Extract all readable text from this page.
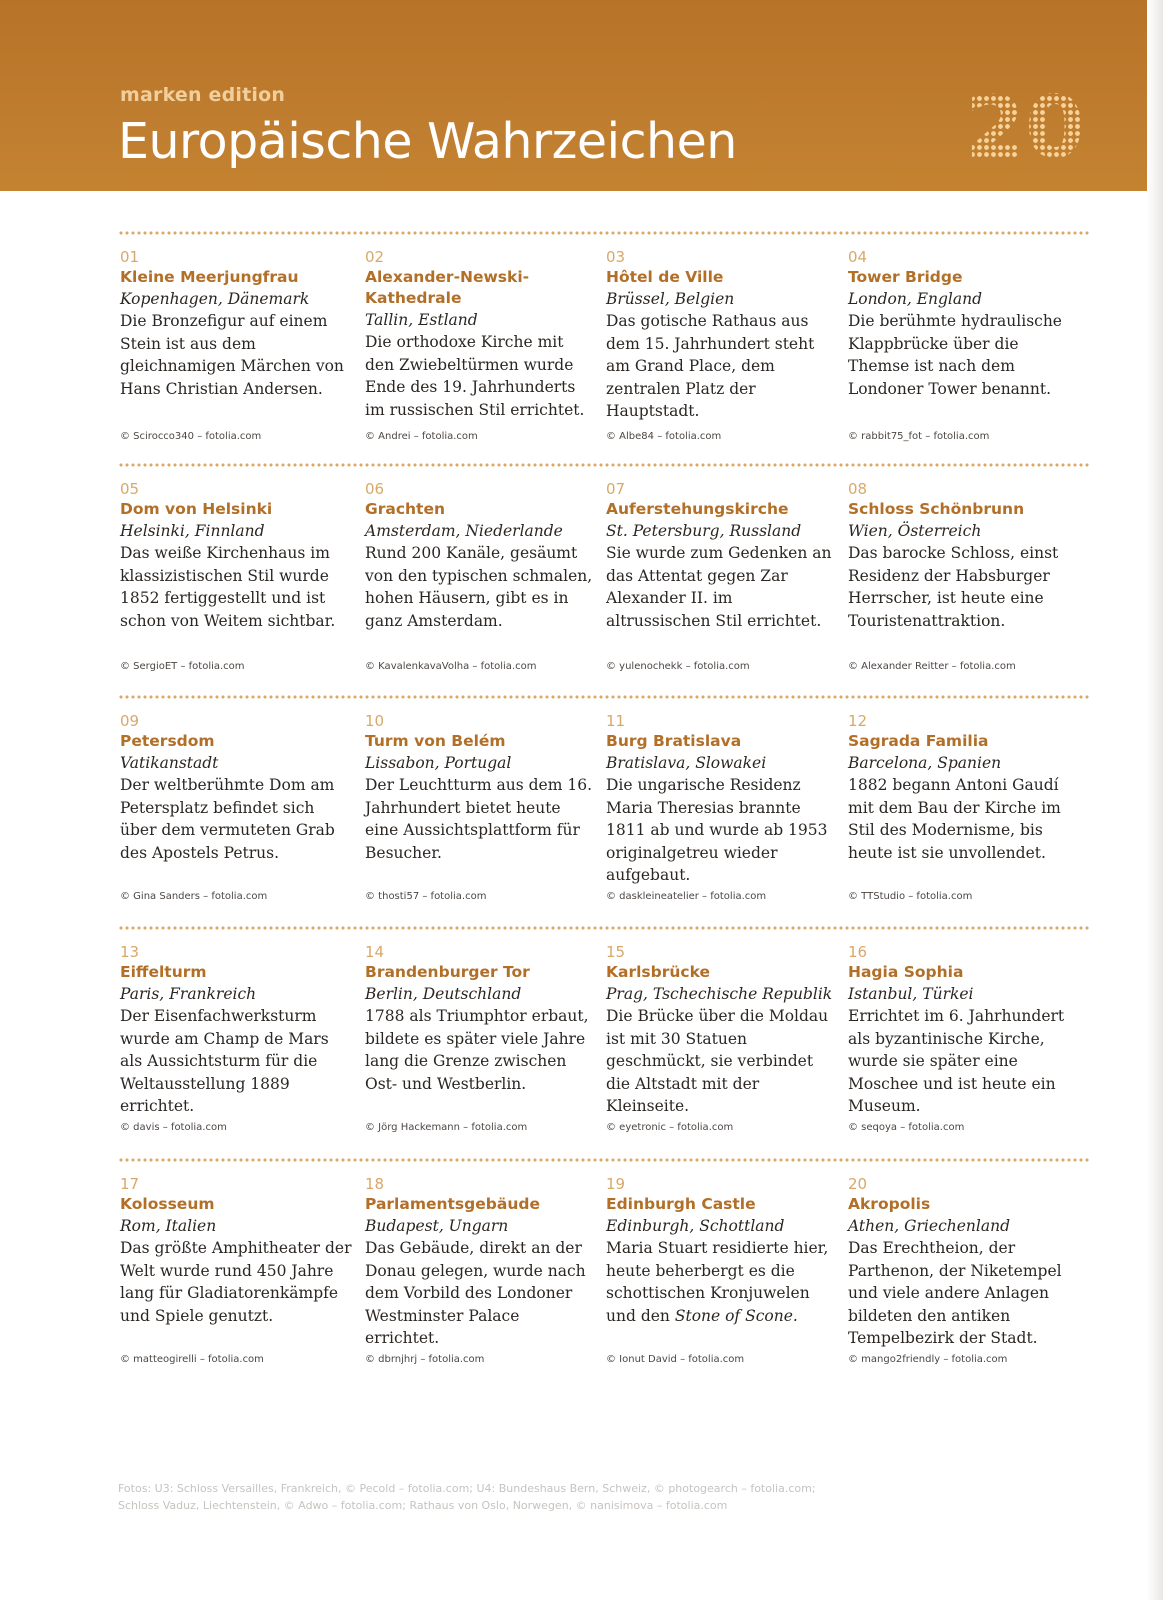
marken edition
Europäische Wahrzeichen	20
01
Kleine Meerjungfrau
Kopenhagen, Dänemark
Die Bronzefigur auf einem Stein ist aus dem gleichnamigen Märchen von Hans Christian Andersen.
© Scirocco340 – fotolia.com
02
Alexander-Newski-Kathedrale
Tallin, Estland
Die orthodoxe Kirche mit den Zwiebeltürmen wurde Ende des 19. Jahrhunderts im russischen Stil errichtet.
© Andrei – fotolia.com
03
Hôtel de Ville
Brüssel, Belgien
Das gotische Rathaus aus dem 15. Jahrhundert steht am Grand Place, dem zentralen Platz der Hauptstadt.
© Albe84 – fotolia.com
04
Tower Bridge
London, England
Die berühmte hydraulische Klappbrücke über die Themse ist nach dem Londoner Tower benannt.
© rabbit75_fot – fotolia.com
05
Dom von Helsinki
Helsinki, Finnland
Das weiße Kirchenhaus im klassizistischen Stil wurde 1852 fertiggestellt und ist schon von Weitem sichtbar.
© SergioET – fotolia.com
06
Grachten
Amsterdam, Niederlande
Rund 200 Kanäle, gesäumt von den typischen schmalen, hohen Häusern, gibt es in ganz Amsterdam.
© KavalenkavaVolha – fotolia.com
07
Auferstehungskirche
St. Petersburg, Russland
Sie wurde zum Gedenken an das Attentat gegen Zar Alexander II. im altrussischen Stil errichtet.
© yulenochekk – fotolia.com
08
Schloss Schönbrunn
Wien, Österreich
Das barocke Schloss, einst Residenz der Habsburger Herrscher, ist heute eine Touristenattraktion.
© Alexander Reitter – fotolia.com
09
Petersdom
Vatikanstadt
Der weltberühmte Dom am Petersplatz befindet sich über dem vermuteten Grab des Apostels Petrus.
© Gina Sanders – fotolia.com
10
Turm von Belém
Lissabon, Portugal
Der Leuchtturm aus dem 16. Jahrhundert bietet heute eine Aussichtsplattform für Besucher.
© thosti57 – fotolia.com
11
Burg Bratislava
Bratislava, Slowakei
Die ungarische Residenz Maria Theresias brannte 1811 ab und wurde ab 1953 originalgetreu wieder aufgebaut.
© daskleineatelier – fotolia.com
12
Sagrada Familia
Barcelona, Spanien
1882 begann Antoni Gaudí mit dem Bau der Kirche im Stil des Modernisme, bis heute ist sie unvollendet.
© TTStudio – fotolia.com
13
Eiffelturm
Paris, Frankreich
Der Eisenfachwerksturm wurde am Champ de Mars als Aussichtsturm für die Weltausstellung 1889 errichtet.
© davis – fotolia.com
14
Brandenburger Tor
Berlin, Deutschland
1788 als Triumphtor erbaut, bildete es später viele Jahre lang die Grenze zwischen Ost- und Westberlin.
© Jörg Hackemann – fotolia.com
15
Karlsbrücke
Prag, Tschechische Republik
Die Brücke über die Moldau ist mit 30 Statuen geschmückt, sie verbindet die Altstadt mit der Kleinseite.
© eyetronic – fotolia.com
16
Hagia Sophia
Istanbul, Türkei
Errichtet im 6. Jahrhundert als byzantinische Kirche, wurde sie später eine Moschee und ist heute ein Museum.
© seqoya – fotolia.com
17
Kolosseum
Rom, Italien
Das größte Amphitheater der Welt wurde rund 450 Jahre lang für Gladiatorenkämpfe und Spiele genutzt.
© matteogirelli – fotolia.com
18
Parlamentsgebäude
Budapest, Ungarn
Das Gebäude, direkt an der Donau gelegen, wurde nach dem Vorbild des Londoner Westminster Palace errichtet.
© dbrnjhrj – fotolia.com
19
Edinburgh Castle
Edinburgh, Schottland
Maria Stuart residierte hier, heute beherbergt es die schottischen Kronjuwelen und den Stone of Scone.
© Ionut David – fotolia.com
20
Akropolis
Athen, Griechenland
Das Erechtheion, der Parthenon, der Niketempel und viele andere Anlagen bildeten den antiken Tempelbezirk der Stadt.
© mango2friendly – fotolia.com
Fotos: U3: Schloss Versailles, Frankreich, © Pecold – fotolia.com; U4: Bundeshaus Bern, Schweiz, © photogearch – fotolia.com;
Schloss Vaduz, Liechtenstein, © Adwo – fotolia.com; Rathaus von Oslo, Norwegen, © nanisimova – fotolia.com
